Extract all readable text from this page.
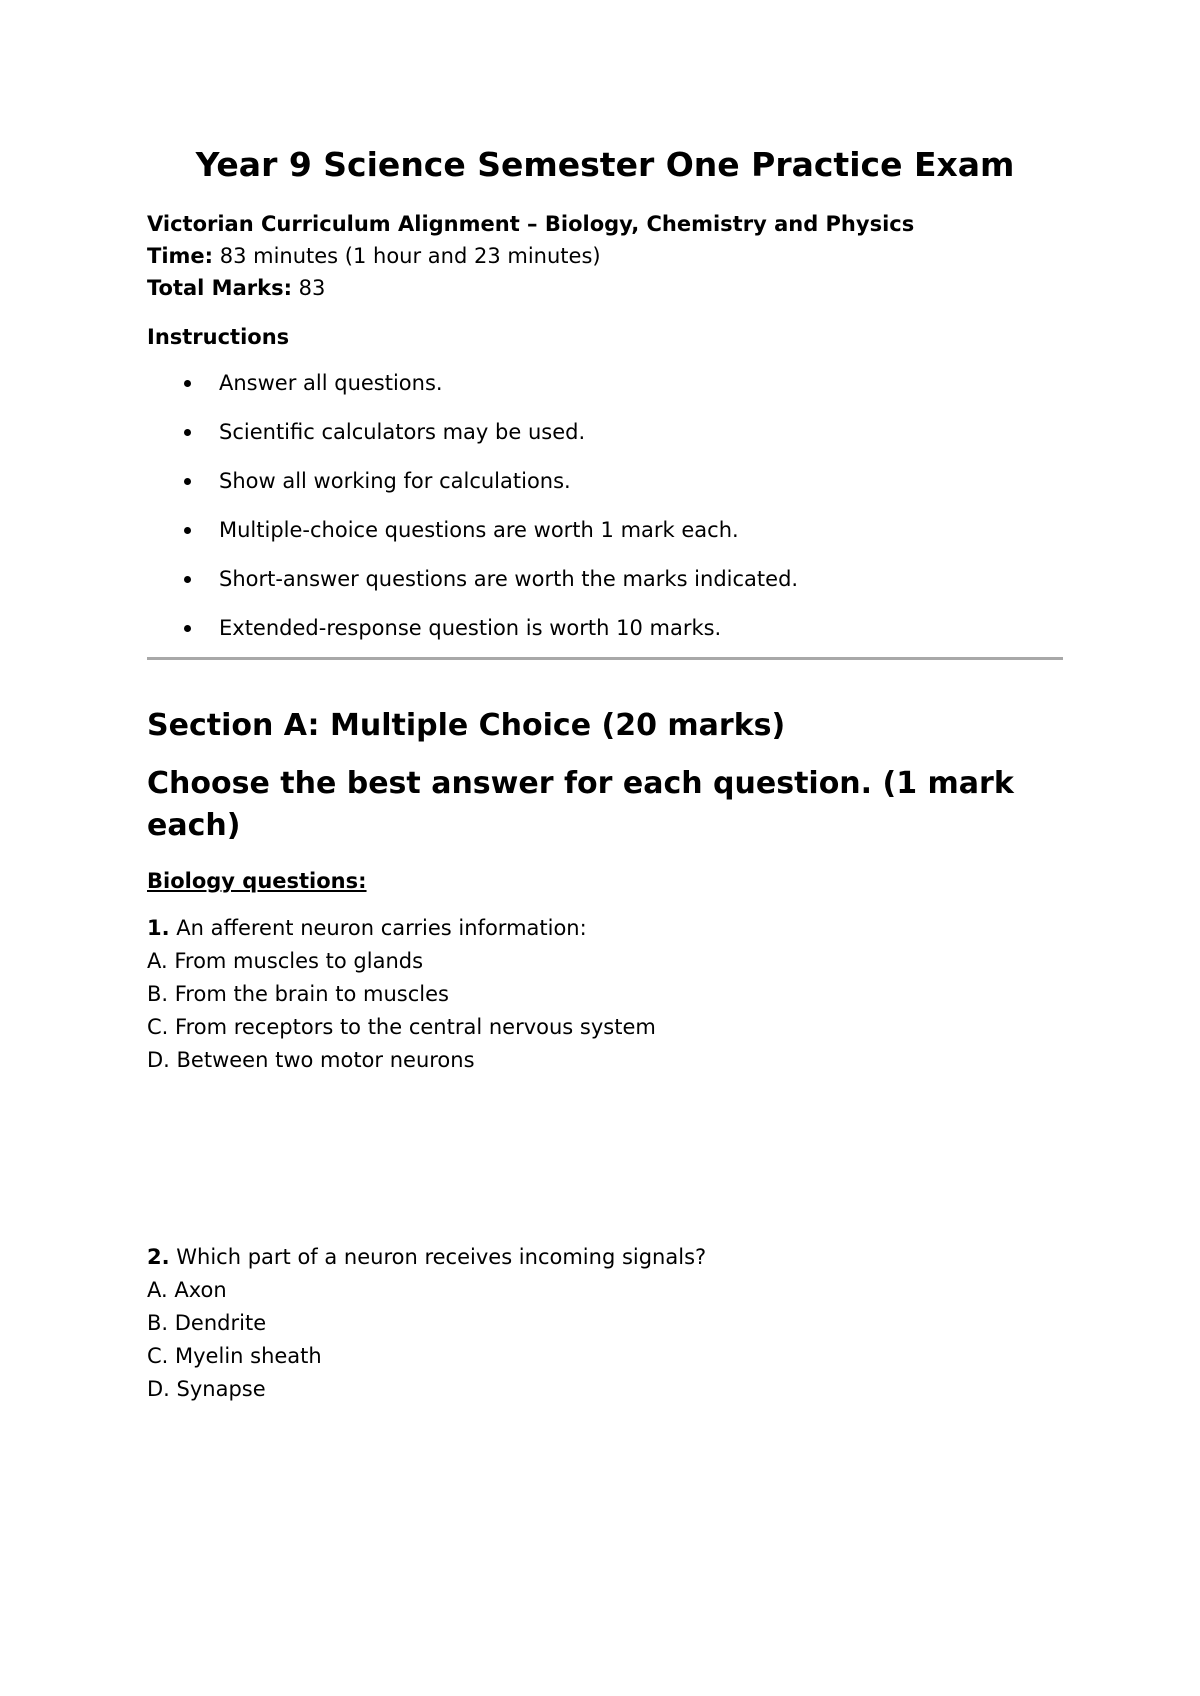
Year 9 Science Semester One Practice Exam
Victorian Curriculum Alignment – Biology, Chemistry and Physics
Time: 83 minutes (1 hour and 23 minutes)
Total Marks: 83
Instructions
Answer all questions.
Scientific calculators may be used.
Show all working for calculations.
Multiple-choice questions are worth 1 mark each.
Short-answer questions are worth the marks indicated.
Extended-response question is worth 10 marks.
Section A: Multiple Choice (20 marks)
Choose the best answer for each question. (1 mark each)
Biology questions:
1. An afferent neuron carries information:
A. From muscles to glands
B. From the brain to muscles
C. From receptors to the central nervous system
D. Between two motor neurons
2. Which part of a neuron receives incoming signals?
A. Axon
B. Dendrite
C. Myelin sheath
D. Synapse
